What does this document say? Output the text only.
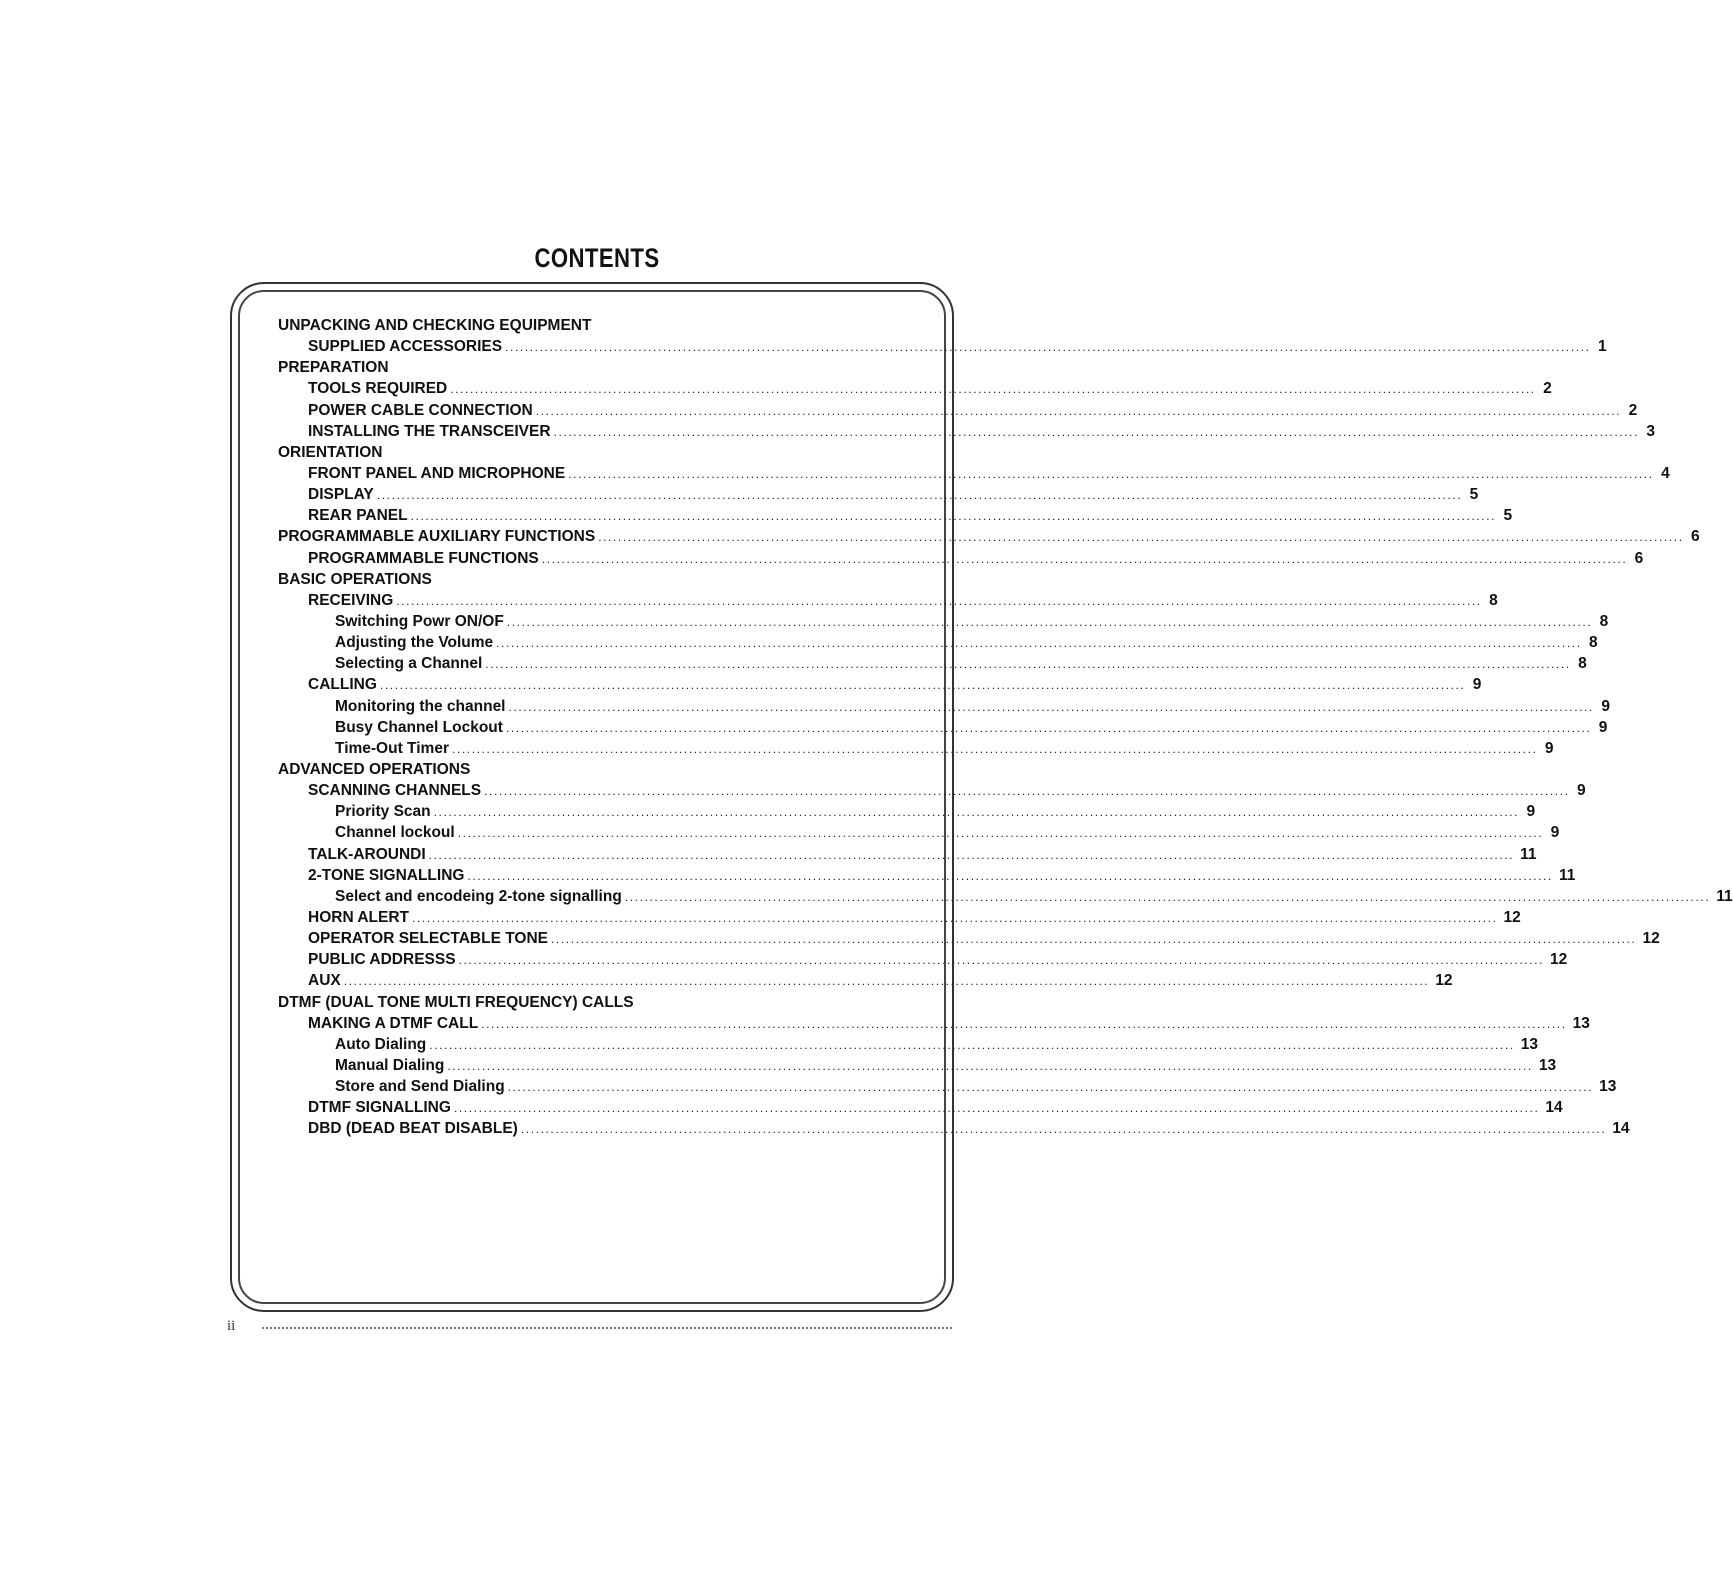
CONTENTS
UNPACKING AND CHECKING EQUIPMENT
SUPPLIED ACCESSORIES ............................................................................................................................................................................................................................ 1
PREPARATION
TOOLS REQUIRED ............................................................................................................................................................................................................................ 2
POWER CABLE CONNECTION ............................................................................................................................................................................................................................ 2
INSTALLING THE TRANSCEIVER ............................................................................................................................................................................................................................ 3
ORIENTATION
FRONT PANEL AND MICROPHONE ............................................................................................................................................................................................................................ 4
DISPLAY ............................................................................................................................................................................................................................ 5
REAR PANEL ............................................................................................................................................................................................................................ 5
PROGRAMMABLE AUXILIARY FUNCTIONS ............................................................................................................................................................................................................................ 6
PROGRAMMABLE FUNCTIONS ............................................................................................................................................................................................................................ 6
BASIC OPERATIONS
RECEIVING ............................................................................................................................................................................................................................ 8
Switching Powr ON/OF ............................................................................................................................................................................................................................ 8
Adjusting the Volume ............................................................................................................................................................................................................................ 8
Selecting a Channel ............................................................................................................................................................................................................................ 8
CALLING ............................................................................................................................................................................................................................ 9
Monitoring the channel ............................................................................................................................................................................................................................ 9
Busy Channel Lockout ............................................................................................................................................................................................................................ 9
Time-Out Timer ............................................................................................................................................................................................................................ 9
ADVANCED OPERATIONS
SCANNING CHANNELS ............................................................................................................................................................................................................................ 9
Priority Scan ............................................................................................................................................................................................................................ 9
Channel lockoul ............................................................................................................................................................................................................................ 9
TALK-AROUNDI ............................................................................................................................................................................................................................ 11
2-TONE SIGNALLING ............................................................................................................................................................................................................................ 11
Select and encodeing 2-tone signalling ............................................................................................................................................................................................................................ 11
HORN ALERT ............................................................................................................................................................................................................................ 12
OPERATOR SELECTABLE TONE ............................................................................................................................................................................................................................ 12
PUBLIC ADDRESSS ............................................................................................................................................................................................................................ 12
AUX ............................................................................................................................................................................................................................ 12
DTMF (DUAL TONE MULTI FREQUENCY) CALLS
MAKING A DTMF CALL ............................................................................................................................................................................................................................ 13
Auto Dialing ............................................................................................................................................................................................................................ 13
Manual Dialing ............................................................................................................................................................................................................................ 13
Store and Send Dialing ............................................................................................................................................................................................................................ 13
DTMF SIGNALLING ............................................................................................................................................................................................................................ 14
DBD (DEAD BEAT DISABLE) ............................................................................................................................................................................................................................ 14
ii
